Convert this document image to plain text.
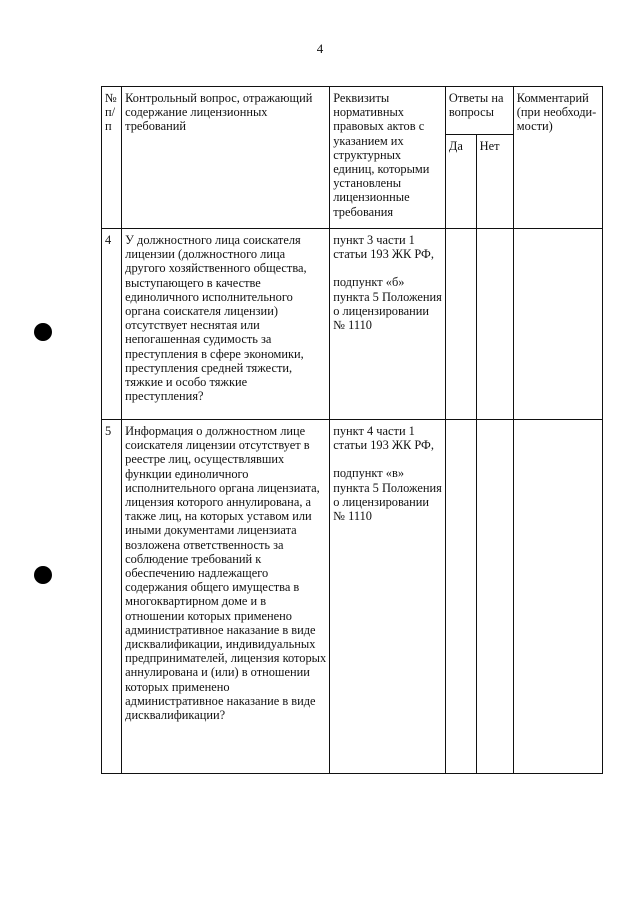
4
№ п/п	Контрольный вопрос, отражающий содержание лицензионных требований	Реквизиты нормативных правовых актов с указанием их структурных единиц, которыми установлены лицензионные требования	Ответы на вопросы		Комментарий (при необходи-мости)
			Да	Нет	
4	У должностного лица соискателя лицензии (должностного лица другого хозяйственного общества, выступающего в качестве единоличного исполнительного органа соискателя лицензии) отсутствует неснятая или непогашенная судимость за преступления в сфере экономики, преступления средней тяжести, тяжкие и особо тяжкие преступления?	пункт 3 части 1 статьи 193 ЖК РФ,
подпункт «б» пункта 5 Положения о лицензировании № 1110			

5	Информация о должностном лице соискателя лицензии отсутствует в реестре лиц, осуществлявших функции единоличного исполнительного органа лицензиата, лицензия которого аннулирована, а также лиц, на которых уставом или иными документами лицензиата возложена ответственность за соблюдение требований к обеспечению надлежащего содержания общего имущества в многоквартирном доме и в отношении которых применено административное наказание в виде дисквалификации, индивидуальных предпринимателей, лицензия которых аннулирована и (или) в отношении которых применено административное наказание в виде дисквалификации?	пункт 4 части 1 статьи 193 ЖК РФ,
подпункт «в» пункта 5 Положения о лицензировании № 1110			
